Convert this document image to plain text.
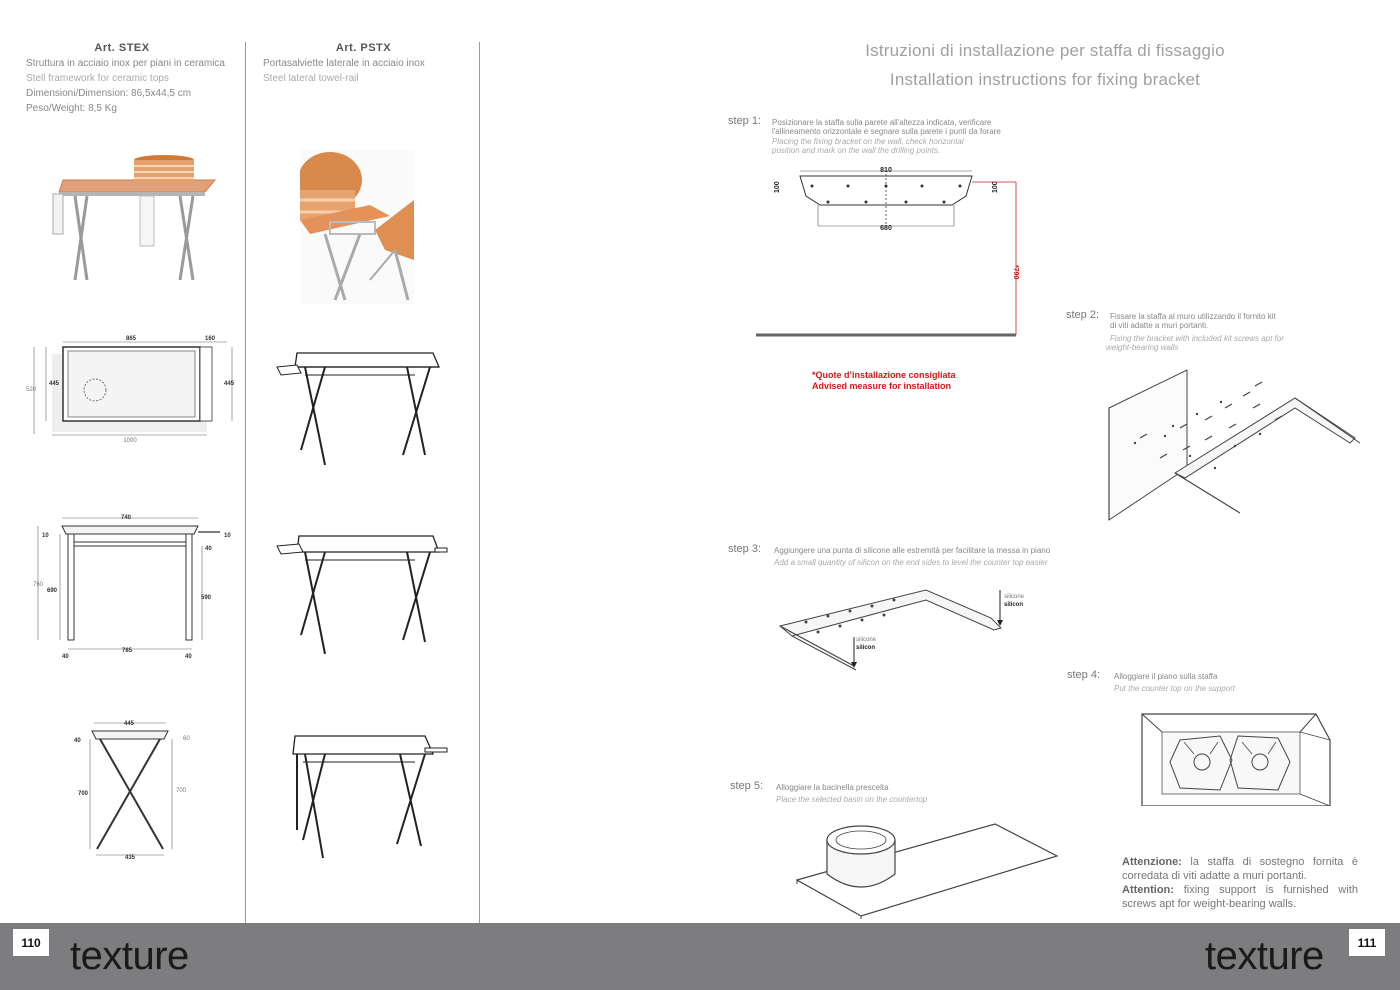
Art. STEX
Struttura in acciaio inox per piani in ceramica
Stell framework for ceramic tops
Dimensioni/Dimension: 86,5x44,5 cm
Peso/Weight: 8,5 Kg
Art. PSTX
Portasalviette laterale in acciaio inox
Steel lateral towel-rail
865	160
445
520
445
1000
740
10	10
40
760
690
590
785
40	40
445
40	60
700	700
435
Istruzioni di installazione per staffa di fissaggio
Installation instructions for fixing bracket
step 1: Posizionare la staffa sulla parete all'altezza indicata, verificare
l'allineamento orizzontale e segnare sulla parete i punti da forare
Placing the fixing bracket on the wall, check horizontal
position and mark on the wall the drilling points.
810
680
100	100
*790
*Quote d’installazione consigliata
Advised measure for installation
step 2: Fissare la staffa al muro utilizzando il fornito kit
di viti adatte a muri portanti.
Fixing the bracket with included kit screws apt for
weight-bearing walls
step 3: Aggiungere una punta di silicone alle estremità per facilitare la messa in piano
Add a small quantity of silicon on the end sides to level the counter top easier
silicone
silicon
silicone
silicon
step 4: Alloggiare il piano sulla staffa
Put the counter top on the support
step 5: Alloggiare la bacinella prescelta
Place the selected basin on the countertop
Attenzione: la staffa di sostegno fornita è corredata di viti adatte a muri portanti.
Attention: fixing support is furnished with screws apt for weight-bearing walls.
110 texture	111
texture
